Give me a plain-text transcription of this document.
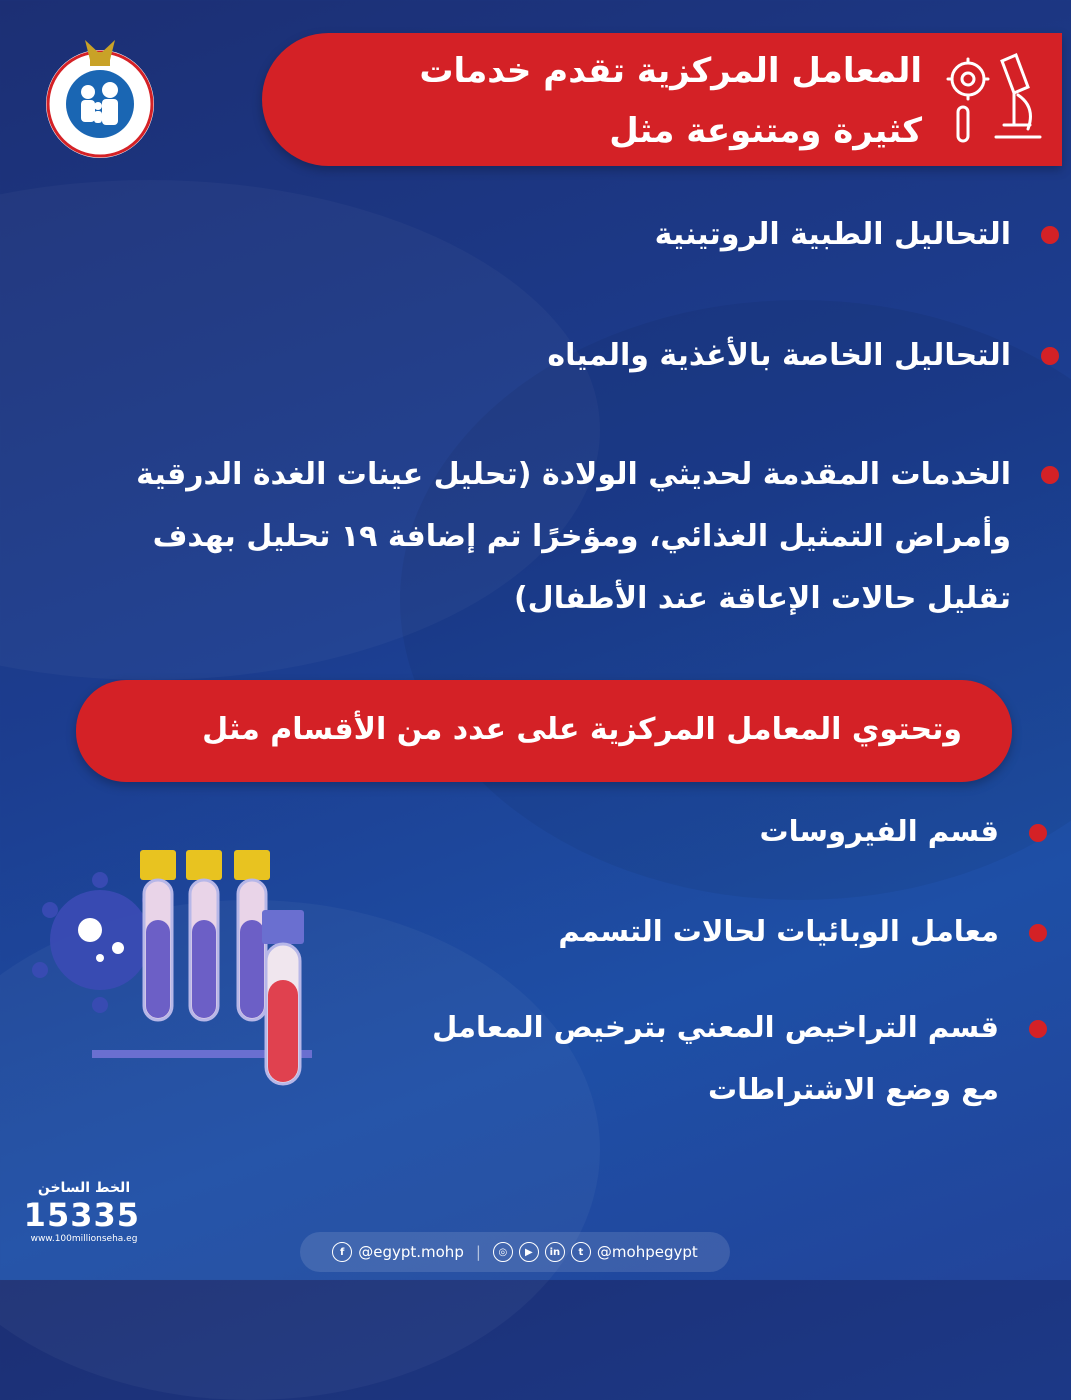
المعامل المركزية تقدم خدمات
كثيرة ومتنوعة مثل
التحاليل الطبية الروتينية
التحاليل الخاصة بالأغذية والمياه
الخدمات المقدمة لحديثي الولادة (تحليل عينات الغدة الدرقية
وأمراض التمثيل الغذائي، ومؤخرًا تم إضافة ١٩ تحليل بهدف
تقليل حالات الإعاقة عند الأطفال)
وتحتوي المعامل المركزية على عدد من الأقسام مثل
قسم الفيروسات
معامل الوبائيات لحالات التسمم
قسم التراخيص المعني بترخيص المعامل
مع وضع الاشتراطات
الخط الساخن
15335
www.100millionseha.eg
f @egypt.mohp |	◎	▶	in	t @mohpegypt
